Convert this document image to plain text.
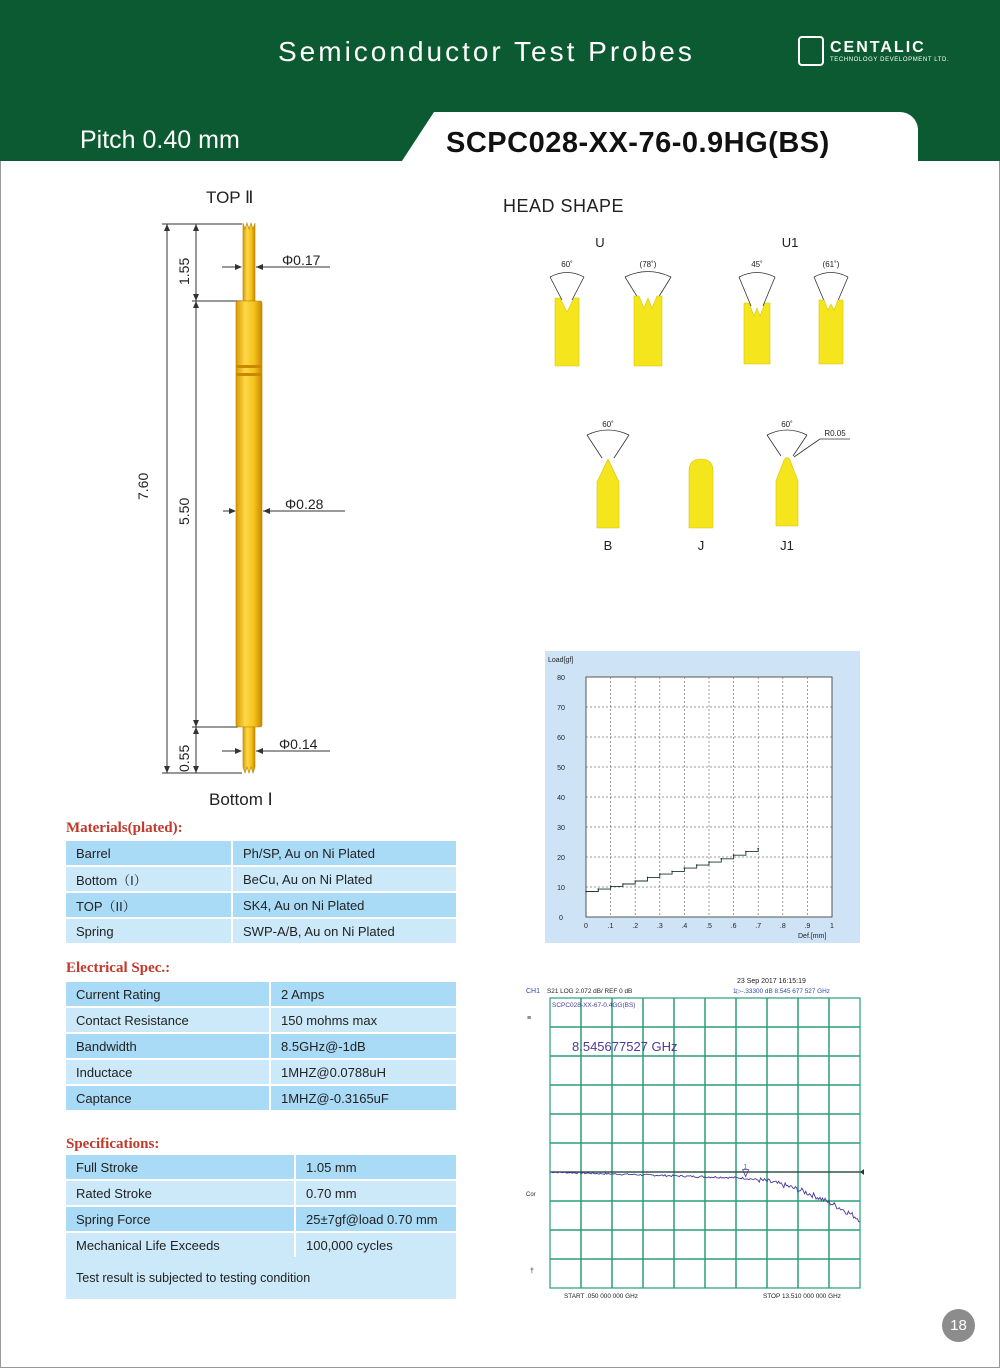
Semiconductor Test Probes	CENTALIC
TECHNOLOGY DEVELOPMENT LTD.
Pitch 0.40 mm	SCPC028-XX-76-0.9HG(BS)
TOP Ⅱ
Bottom Ⅰ
7.60
1.55
5.50
0.55
Φ0.17
Φ0.28
Φ0.14
HEAD SHAPE
U	U1
B	J	J1
60˚	(78˚)	45˚	(61˚)
60˚	60˚
R0.05
Materials(plated):
Barrel	Ph/SP, Au on Ni Plated
Bottom（I）	BeCu, Au on Ni Plated
TOP（II）	SK4, Au on Ni Plated
Spring	SWP-A/B, Au on Ni Plated
Electrical Spec.:
Current Rating	2 Amps
Contact Resistance	150 mohms max
Bandwidth	8.5GHz@-1dB
Inductace	1MHZ@0.0788uH
Captance	1MHZ@-0.3165uF
Specifications:
Full Stroke	1.05 mm
Rated Stroke	0.70 mm
Spring Force	25±7gf@load 0.70 mm
Mechanical Life Exceeds	100,000 cycles
Test result is subjected to testing condition
0	.1	.2	.3	.4	.5	.6	.7	.8	.9	1
0
10
20
30
40
50
60
70
80
Load[gf]
Def.[mm]
23 Sep 2017 16:15:19
CH1 S21 LOG 2.072 dB/ REF 0 dB	1▷-.33300 dB 8.545 677 527 GHz
SCPC028-XX-67-0.4GG(BS)
8.545677527 GHz
≡
Cor
†
START .050 000 000 GHz	STOP 13.510 000 000 GHz
1
18
